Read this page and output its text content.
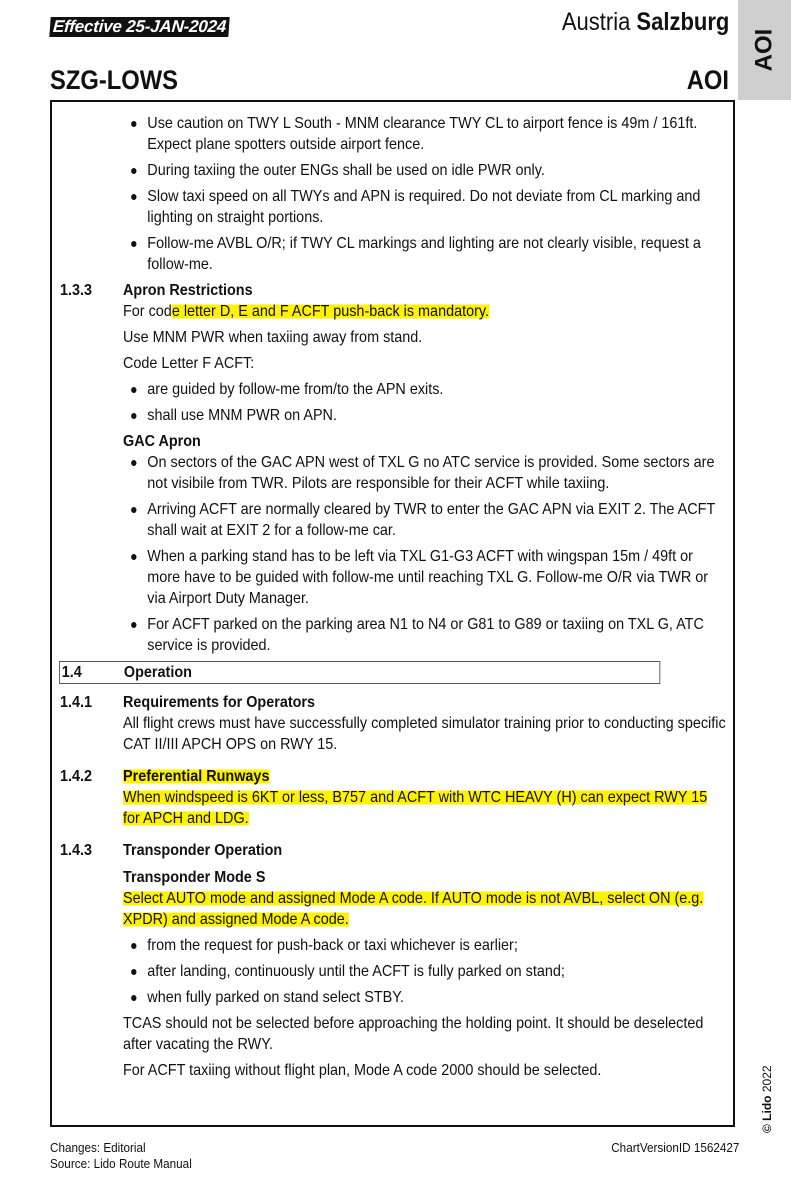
Effective 25-JAN-2024	Austria Salzburg
SZG-LOWS	AOI
AOI
Use caution on TWY L South - MNM clearance TWY CL to airport fence is 49m / 161ft. Expect plane spotters outside airport fence.
During taxiing the outer ENGs shall be used on idle PWR only.
Slow taxi speed on all TWYs and APN is required. Do not deviate from CL marking and lighting on straight portions.
Follow-me AVBL O/R; if TWY CL markings and lighting are not clearly visible, request a follow-me.
1.3.3	Apron Restrictions

For code letter D, E and F ACFT push-back is mandatory.

Use MNM PWR when taxiing away from stand.

Code Letter F ACFT:

are guided by follow-me from/to the APN exits.
shall use MNM PWR on APN.
GAC Apron
On sectors of the GAC APN west of TXL G no ATC service is provided. Some sectors are not visibile from TWR. Pilots are responsible for their ACFT while taxiing.
Arriving ACFT are normally cleared by TWR to enter the GAC APN via EXIT 2. The ACFT shall wait at EXIT 2 for a follow-me car.
When a parking stand has to be left via TXL G1-G3 ACFT with wingspan 15m / 49ft or more have to be guided with follow-me until reaching TXL G. Follow-me O/R via TWR or via Airport Duty Manager.
For ACFT parked on the parking area N1 to N4 or G81 to G89 or taxiing on TXL G, ATC service is provided.
1.4	Operation
1.4.1	Requirements for Operators

All flight crews must have successfully completed simulator training prior to conducting specific CAT II/III APCH OPS on RWY 15.

1.4.2	Preferential Runways

When windspeed is 6KT or less, B757 and ACFT with WTC HEAVY (H) can expect RWY 15 for APCH and LDG.

1.4.3	Transponder Operation
Transponder Mode S

Select AUTO mode and assigned Mode A code. If AUTO mode is not AVBL, select ON (e.g. XPDR) and assigned Mode A code.

from the request for push-back or taxi whichever is earlier;
after landing, continuously until the ACFT is fully parked on stand;
when fully parked on stand select STBY.

TCAS should not be selected before approaching the holding point. It should be deselected after vacating the RWY.

For ACFT taxiing without flight plan, Mode A code 2000 should be selected.

Changes: Editorial
Source: Lido Route Manual
ChartVersionID 1562427
© Lido 2022
